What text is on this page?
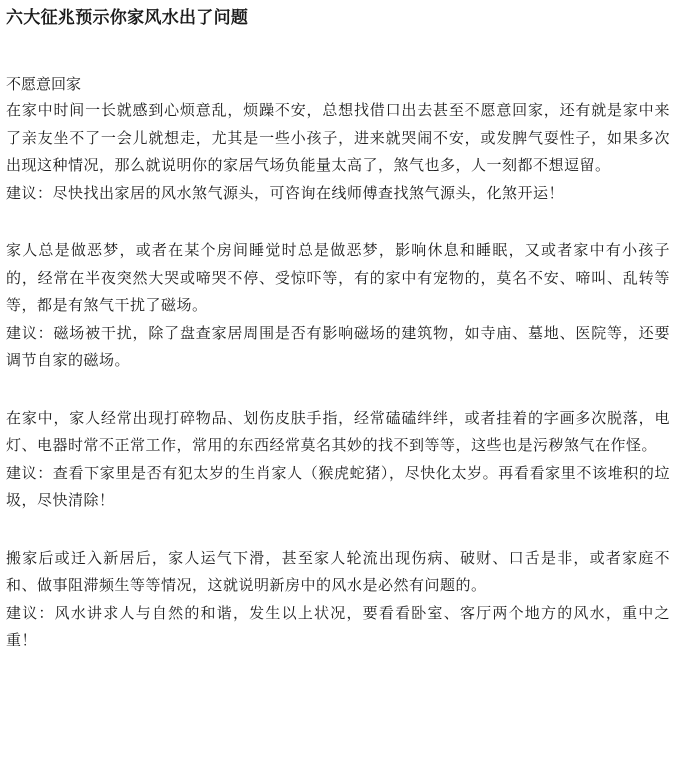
六大征兆预示你家风水出了问题
不愿意回家

在家中时间一长就感到心烦意乱，烦躁不安，总想找借口出去甚至不愿意回家，还有就是家中来了亲友坐不了一会儿就想走，尤其是一些小孩子，进来就哭闹不安，或发脾气耍性子，如果多次出现这种情况，那么就说明你的家居气场负能量太高了，煞气也多，人一刻都不想逗留。

建议：尽快找出家居的风水煞气源头，可咨询在线师傅查找煞气源头，化煞开运！

家人总是做恶梦，或者在某个房间睡觉时总是做恶梦，影响休息和睡眠，又或者家中有小孩子的，经常在半夜突然大哭或啼哭不停、受惊吓等，有的家中有宠物的，莫名不安、啼叫、乱转等等，都是有煞气干扰了磁场。

建议：磁场被干扰，除了盘查家居周围是否有影响磁场的建筑物，如寺庙、墓地、医院等，还要调节自家的磁场。

在家中，家人经常出现打碎物品、划伤皮肤手指，经常磕磕绊绊，或者挂着的字画多次脱落，电灯、电器时常不正常工作，常用的东西经常莫名其妙的找不到等等，这些也是污秽煞气在作怪。

建议：查看下家里是否有犯太岁的生肖家人（猴虎蛇猪），尽快化太岁。再看看家里不该堆积的垃圾，尽快清除！

搬家后或迁入新居后，家人运气下滑，甚至家人轮流出现伤病、破财、口舌是非，或者家庭不和、做事阻滞频生等等情况，这就说明新房中的风水是必然有问题的。

建议：风水讲求人与自然的和谐，发生以上状况，要看看卧室、客厅两个地方的风水，重中之重！
